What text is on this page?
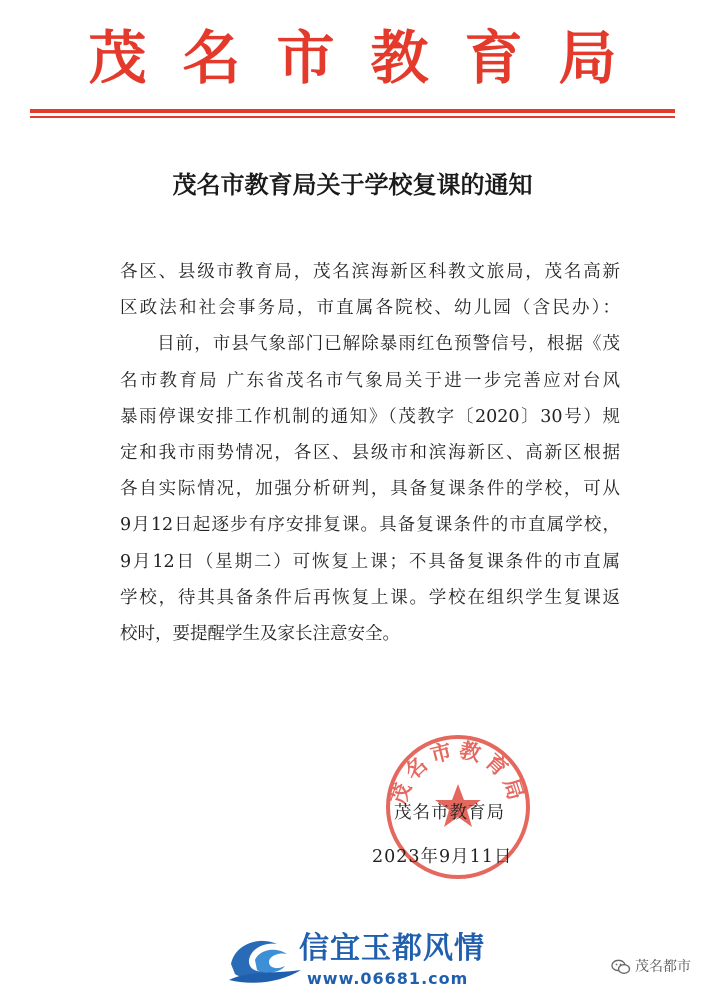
茂名市教育局
茂名市教育局关于学校复课的通知
各区、县级市教育局，茂名滨海新区科教文旅局，茂名高新
区政法和社会事务局，市直属各院校、幼儿园（含民办）：
　　目前，市县气象部门已解除暴雨红色预警信号，根据《茂
名市教育局 广东省茂名市气象局关于进一步完善应对台风
暴雨停课安排工作机制的通知》（茂教字〔2020〕30号）规
定和我市雨势情况，各区、县级市和滨海新区、高新区根据
各自实际情况，加强分析研判，具备复课条件的学校，可从
9月12日起逐步有序安排复课。具备复课条件的市直属学校，
9月12日（星期二）可恢复上课；不具备复课条件的市直属
学校，待其具备条件后再恢复上课。学校在组织学生复课返
校时，要提醒学生及家长注意安全。
茂名市教育局
茂名市教育局
2023年9月11日
信宜玉都风情
www.06681.com
茂名都市
